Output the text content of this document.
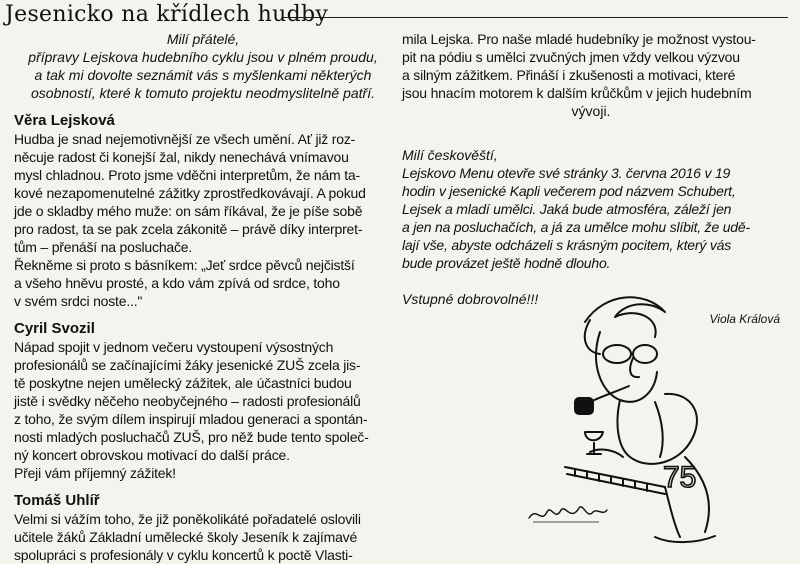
Jesenicko na křídlech hudby

Milí přátelé,

přípravy Lejskova hudebního cyklu jsou v plném proudu,

a tak mi dovolte seznámit vás s myšlenkami některých

osobností, které k tomuto projektu neodmyslitelně patří.

Věra Lejsková

Hudba je snad nejemotivnější ze všech umění. Ať již roz-

něcuje radost či konejší žal, nikdy nenechává vnímavou

mysl chladnou. Proto jsme vděčni interpretům, že nám ta-

kové nezapomenutelné zážitky zprostředkovávají. A pokud

jde o skladby mého muže: on sám říkával, že je píše sobě

pro radost, ta se pak zcela zákonitě – právě díky interpret-

tům – přenáší na posluchače.

Řekněme si proto s básníkem: „Jeť srdce pěvců nejčistší

a všeho hněvu prosté, a kdo vám zpívá od srdce, toho

v svém srdci noste..."

Cyril Svozil

Nápad spojit v jednom večeru vystoupení výsostných

profesionálů se začínajícími žáky jesenické ZUŠ zcela jis-

tě poskytne nejen umělecký zážitek, ale účastníci budou

jistě i svědky něčeho neobyčejného – radosti profesionálů

z toho, že svým dílem inspirují mladou generaci a spontán-

nosti mladých posluchačů ZUŠ, pro něž bude tento společ-

ný koncert obrovskou motivací do další práce.

Přeji vám příjemný zážitek!

Tomáš Uhlíř

Velmi si vážím toho, že již poněkolikáté pořadatelé oslovili

učitele žáků Základní umělecké školy Jeseník k zajímavé

spolupráci s profesionály v cyklu koncertů k poctě Vlasti-

mila Lejska. Pro naše mladé hudebníky je možnost vystou-

pit na pódiu s umělci zvučných jmen vždy velkou výzvou

a silným zážitkem. Přináší i zkušenosti a motivaci, které

jsou hnacím motorem k dalším krůčkům v jejich hudebním

vývoji.

Milí českověští,

Lejskovo Menu otevře své stránky 3. června 2016 v 19

hodin v jesenické Kapli večerem pod názvem Schubert,

Lejsek a mladí umělci. Jaká bude atmosféra, záleží jen

a jen na posluchačích, a já za umělce mohu slíbit, že udě-

lají vše, abyste odcházeli s krásným pocitem, který vás

bude provázet ještě hodně dlouho.

Vstupné dobrovolné!!!

Viola Králová

75
